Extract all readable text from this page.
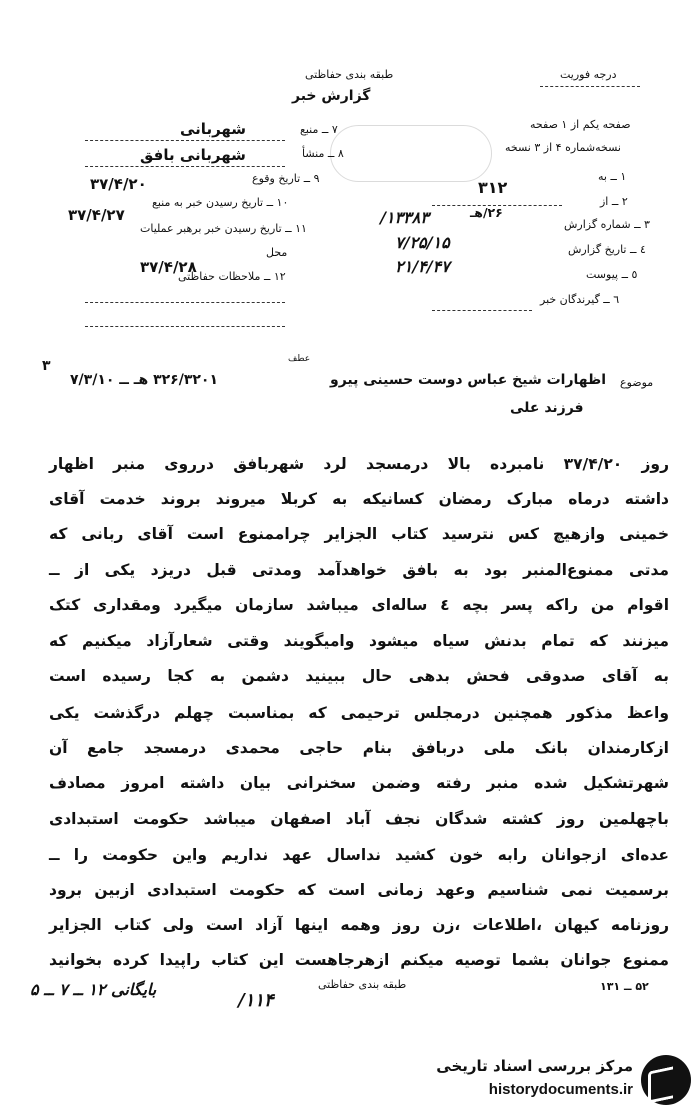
طبقه بندی حفاظتی
گزارش خبر
درجه فوریت
صفحه یکم از ۱ صفحه
نسخه‌شماره ۴ از ۳ نسخه
۱ ــ به
۳۱۲
۲ ــ از
۲۶/هـ
۳ ــ شماره گزارش
٤ ــ تاریخ گزارش
٥ ــ پیوست
٦ ــ گیرندگان خبر
۱۳۳۸۳/
۷/۲۵/۱۵
۲۱/۴/۴۷
۷ ــ منبع
شهربانی
۸ ــ منشأ
شهربانی بافق
۹ ــ تاریخ وقوع
۳۷/۴/۲۰
۱۰ ــ تاریخ رسیدن خبر به منبع
۳۷/۴/۲۷
۱۱ ــ تاریخ رسیدن خبر برهبر عملیات
محل
۳۷/۴/۲۸
۱۲ ــ ملاحظات حفاظتی
موضوع
عطف
اظهارات شیخ عباس دوست حسینی پیرو
۳۲۶/۳۲۰۱ هـ ــ ۷/۳/۱۰
۳
فرزند علی
روز ۳۷/۴/۲۰ نامبرده بالا درمسجد لرد شهربافق درروی منبر اظهار
داشته درماه مبارک رمضان کسانیکه به کربلا میروند بروند خدمت آقای
خمینی وازهیچ کس نترسید کتاب الجزایر چراممنوع است آقای ربانی که
مدتی ممنوع‌المنبر بود به بافق خواهدآمد ومدتی قبل دریزد یکی از ــ
اقوام من راکه پسر بچه ٤ ساله‌ای میباشد سازمان میگیرد ومقداری کتک
میزنند که تمام بدنش سیاه میشود وامیگویند وقتی شعارآزاد میکنیم که
به آقای صدوقی فحش بدهی حال ببینید دشمن به کجا رسیده است
واعظ مذکور همچنین درمجلس ترحیمی که بمناسبت چهلم درگذشت یکی
ازکارمندان بانک ملی دربافق بنام حاجی محمدی درمسجد جامع آن
شهرتشکیل شده منبر رفته وضمن سخنرانی بیان داشته امروز مصادف
باچهلمین روز کشته شدگان نجف آباد اصفهان میباشد حکومت استبدادی
عده‌ای ازجوانان رابه خون کشید نداسال عهد نداریم واین حکومت را ــ
برسمیت نمی شناسیم وعهد زمانی است که حکومت استبدادی ازبین برود
روزنامه کیهان ،اطلاعات ،زن روز وهمه اینها آزاد است ولی کتاب الجزایر
ممنوع جوانان بشما توصیه میکنم ازهرجاهست این کتاب راپیدا کرده بخوانید
طبقه بندی حفاظتی	۵۲ ــ ۱۳۱
بایگانی ۱۲ ــ ۷ ــ ۵
۱۱۴/
مرکز بررسی اسناد تاریخی
historydocuments.ir
